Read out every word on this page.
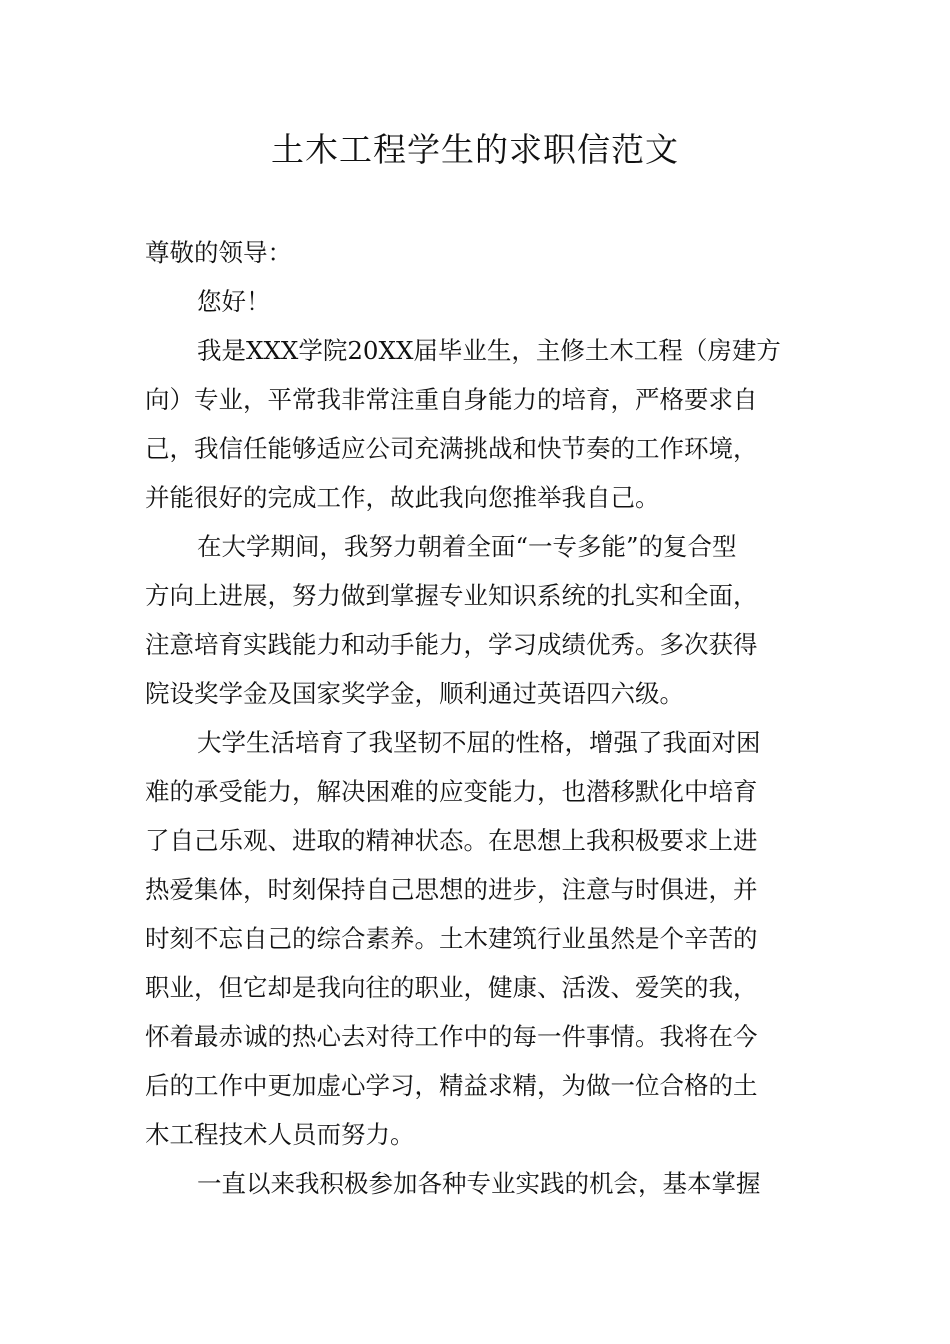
土木工程学生的求职信范文
尊敬的领导：
您好！
我是XXX学院20XX届毕业生，主修土木工程（房建方
向）专业，平常我非常注重自身能力的培育，严格要求自
己，我信任能够适应公司充满挑战和快节奏的工作环境，
并能很好的完成工作，故此我向您推举我自己。
在大学期间，我努力朝着全面“一专多能”的复合型
方向上进展，努力做到掌握专业知识系统的扎实和全面，
注意培育实践能力和动手能力，学习成绩优秀。多次获得
院设奖学金及国家奖学金，顺利通过英语四六级。
大学生活培育了我坚韧不屈的性格，增强了我面对困
难的承受能力，解决困难的应变能力，也潜移默化中培育
了自己乐观、进取的精神状态。在思想上我积极要求上进
热爱集体，时刻保持自己思想的进步，注意与时俱进，并
时刻不忘自己的综合素养。土木建筑行业虽然是个辛苦的
职业，但它却是我向往的职业，健康、活泼、爱笑的我，
怀着最赤诚的热心去对待工作中的每一件事情。我将在今
后的工作中更加虚心学习，精益求精，为做一位合格的土
木工程技术人员而努力。
一直以来我积极参加各种专业实践的机会，基本掌握
